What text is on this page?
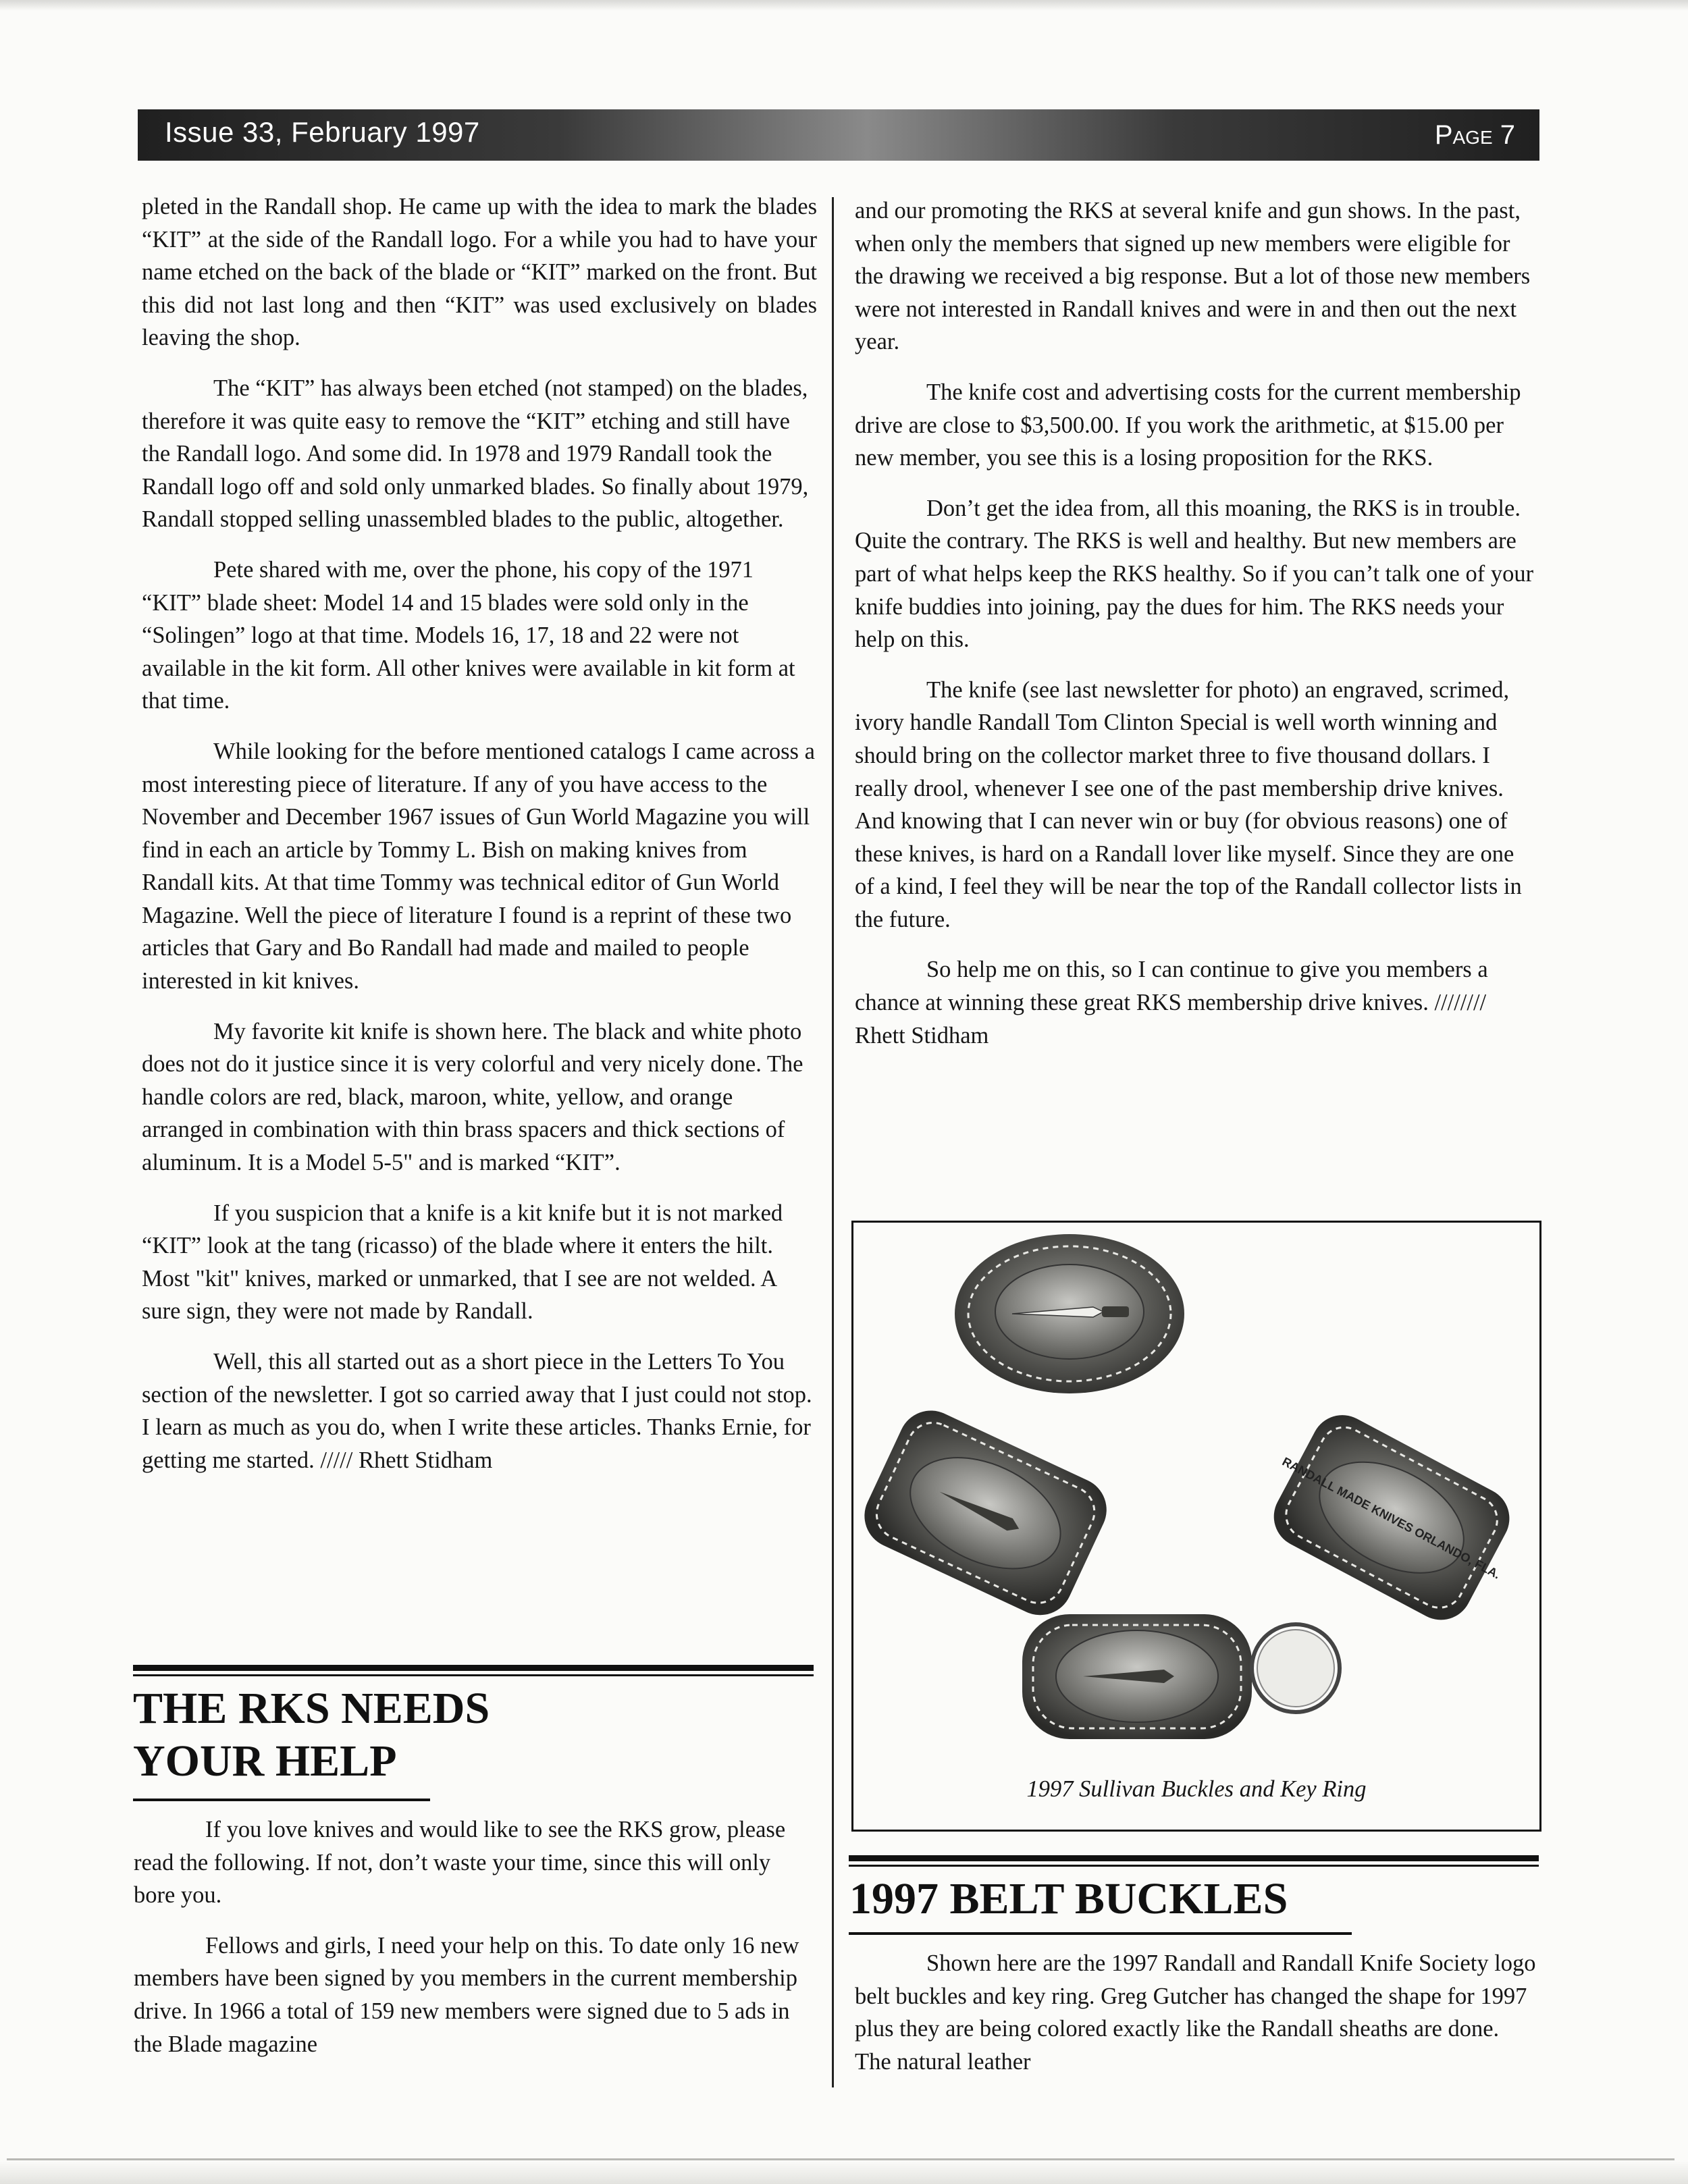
Issue 33, February 1997	Page 7

pleted in the Randall shop. He came up with the idea to mark the blades “KIT” at the side of the Randall logo. For a while you had to have your name etched on the back of the blade or “KIT” marked on the front. But this did not last long and then “KIT” was used exclusively on blades leaving the shop.

The “KIT” has always been etched (not stamped) on the blades, therefore it was quite easy to remove the “KIT” etching and still have the Randall logo. And some did. In 1978 and 1979 Randall took the Randall logo off and sold only unmarked blades. So finally about 1979, Randall stopped selling unassembled blades to the public, altogether.

Pete shared with me, over the phone, his copy of the 1971 “KIT” blade sheet: Model 14 and 15 blades were sold only in the “Solingen” logo at that time. Models 16, 17, 18 and 22 were not available in the kit form. All other knives were available in kit form at that time.

While looking for the before mentioned catalogs I came across a most interesting piece of literature. If any of you have access to the November and December 1967 issues of Gun World Magazine you will find in each an article by Tommy L. Bish on making knives from Randall kits. At that time Tommy was technical editor of Gun World Magazine. Well the piece of literature I found is a reprint of these two articles that Gary and Bo Randall had made and mailed to people interested in kit knives.

My favorite kit knife is shown here. The black and white photo does not do it justice since it is very colorful and very nicely done. The handle colors are red, black, maroon, white, yellow, and orange arranged in combination with thin brass spacers and thick sections of aluminum. It is a Model 5-5" and is marked “KIT”.

If you suspicion that a knife is a kit knife but it is not marked “KIT” look at the tang (ricasso) of the blade where it enters the hilt. Most "kit" knives, marked or unmarked, that I see are not welded. A sure sign, they were not made by Randall.

Well, this all started out as a short piece in the Letters To You section of the newsletter. I got so carried away that I just could not stop. I learn as much as you do, when I write these articles. Thanks Ernie, for getting me started. ///// Rhett Stidham

THE RKS NEEDS
YOUR HELP

If you love knives and would like to see the RKS grow, please read the following. If not, don’t waste your time, since this will only bore you.

Fellows and girls, I need your help on this. To date only 16 new members have been signed by you members in the current membership drive. In 1966 a total of 159 new members were signed due to 5 ads in the Blade magazine

and our promoting the RKS at several knife and gun shows. In the past, when only the members that signed up new members were eligible for the drawing we received a big response. But a lot of those new members were not interested in Randall knives and were in and then out the next year.

The knife cost and advertising costs for the current membership drive are close to $3,500.00. If you work the arithmetic, at $15.00 per new member, you see this is a losing proposition for the RKS.

Don’t get the idea from, all this moaning, the RKS is in trouble. Quite the contrary. The RKS is well and healthy. But new members are part of what helps keep the RKS healthy. So if you can’t talk one of your knife buddies into joining, pay the dues for him. The RKS needs your help on this.

The knife (see last newsletter for photo) an engraved, scrimed, ivory handle Randall Tom Clinton Special is well worth winning and should bring on the collector market three to five thousand dollars. I really drool, whenever I see one of the past membership drive knives. And knowing that I can never win or buy (for obvious reasons) one of these knives, is hard on a Randall lover like myself. Since they are one of a kind, I feel they will be near the top of the Randall collector lists in the future.

So help me on this, so I can continue to give you members a chance at winning these great RKS membership drive knives. //////// Rhett Stidham

RANDALL MADE KNIVES ORLANDO, FLA.
1997 Sullivan Buckles and Key Ring
1997 BELT BUCKLES

Shown here are the 1997 Randall and Randall Knife Society logo belt buckles and key ring. Greg Gutcher has changed the shape for 1997 plus they are being colored exactly like the Randall sheaths are done. The natural leather
